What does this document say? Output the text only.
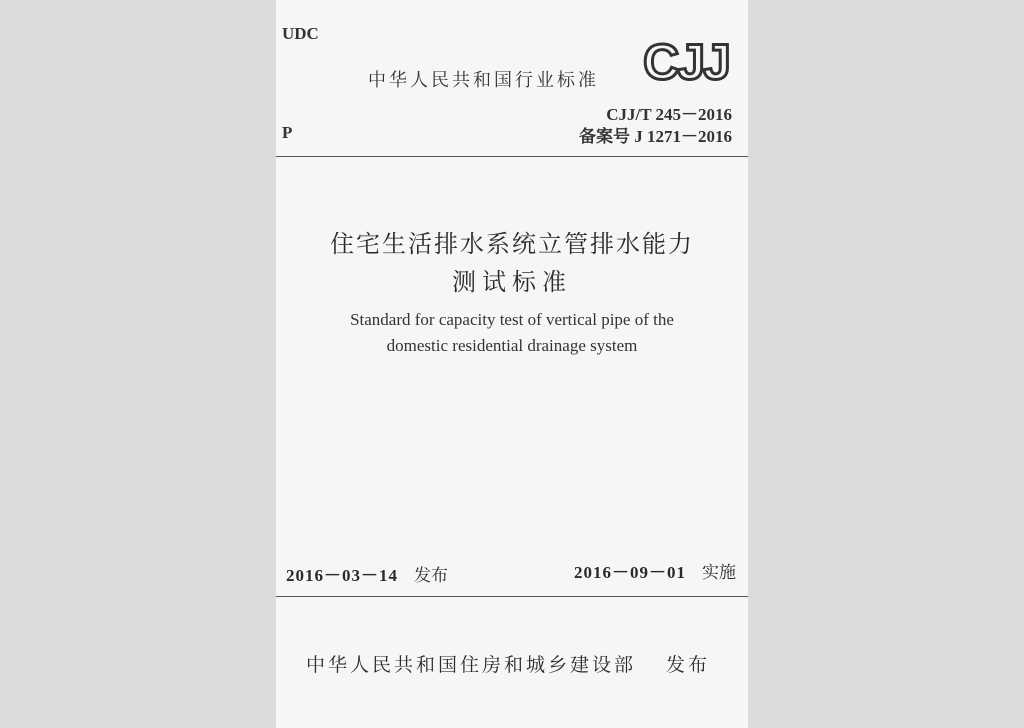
UDC
中华人民共和国行业标准 CJJ
CJJ/T 245－2016
P	备案号 J 1271－2016
住宅生活排水系统立管排水能力
测试标准
Standard for capacity test of vertical pipe of the
domestic residential drainage system
2016－03－14 发布	2016－09－01 实施
中华人民共和国住房和城乡建设部 发布
